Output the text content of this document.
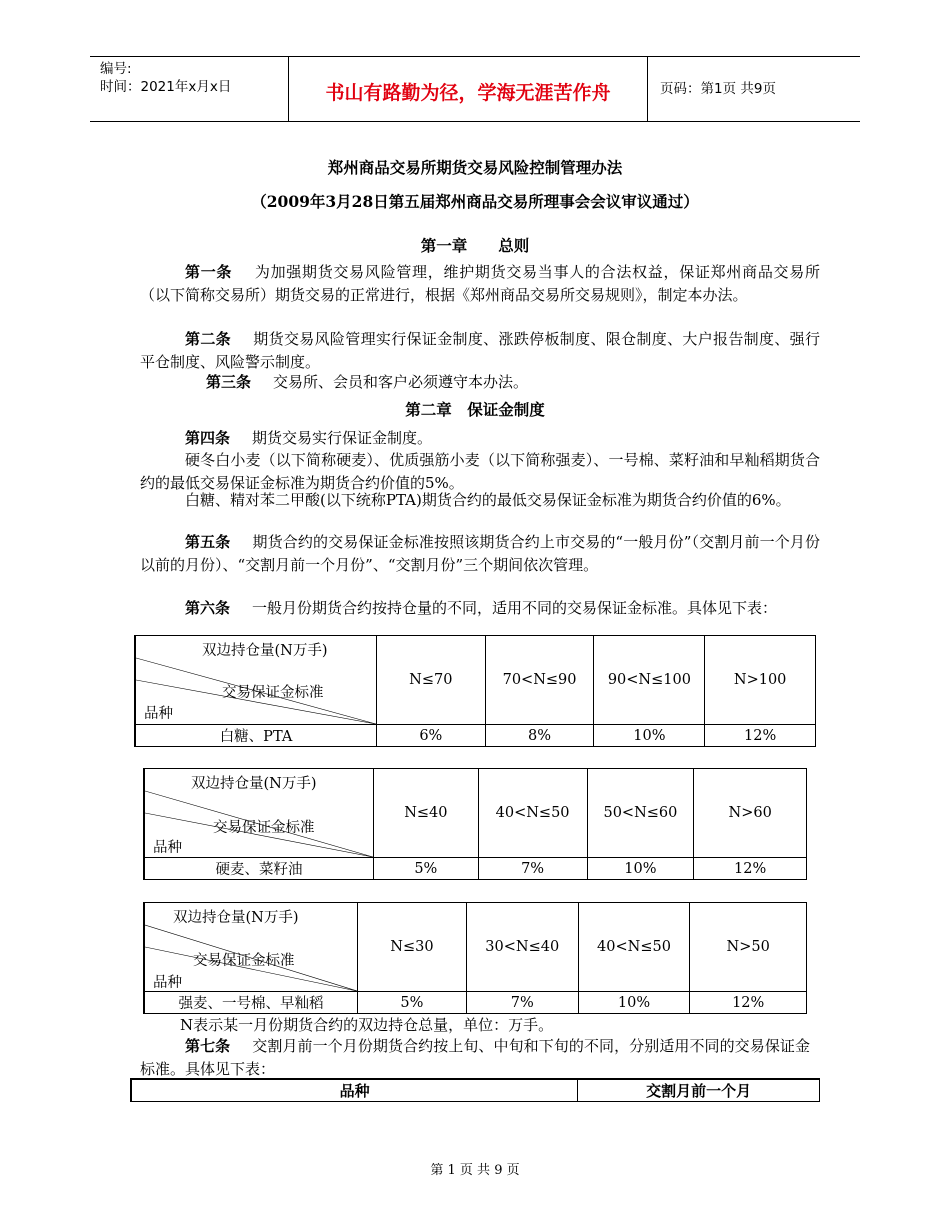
编号:
时间：2021年x月x日	书山有路勤为径，学海无涯苦作舟	页码：第1页 共9页
郑州商品交易所期货交易风险控制管理办法
（2009年3月28日第五届郑州商品交易所理事会会议审议通过）
第一章　　总则
第一条 为加强期货交易风险管理，维护期货交易当事人的合法权益，保证郑州商品交易所（以下简称交易所）期货交易的正常进行，根据《郑州商品交易所交易规则》，制定本办法。
第二条 期货交易风险管理实行保证金制度、涨跌停板制度、限仓制度、大户报告制度、强行平仓制度、风险警示制度。
第三条 交易所、会员和客户必须遵守本办法。
第二章　保证金制度
第四条 期货交易实行保证金制度。
硬冬白小麦（以下简称硬麦）、优质强筋小麦（以下简称强麦）、一号棉、菜籽油和早籼稻期货合约的最低交易保证金标准为期货合约价值的5%。
白糖、精对苯二甲酸(以下统称PTA)期货合约的最低交易保证金标准为期货合约价值的6%。
第五条 期货合约的交易保证金标准按照该期货合约上市交易的“一般月份”（交割月前一个月份以前的月份）、“交割月前一个月份”、“交割月份”三个期间依次管理。
第六条 一般月份期货合约按持仓量的不同，适用不同的交易保证金标准。具体见下表：
双边持仓量(N万手)
交易保证金标准
品种	N≤70	70<N≤90	90<N≤100	N>100
白糖、PTA	6%	8%	10%	12%
双边持仓量(N万手)
交易保证金标准
品种	N≤40	40<N≤50	50<N≤60	N>60
硬麦、菜籽油	5%	7%	10%	12%
双边持仓量(N万手)
交易保证金标准
品种	N≤30	30<N≤40	40<N≤50	N>50
强麦、一号棉、早籼稻	5%	7%	10%	12%
N表示某一月份期货合约的双边持仓总量，单位：万手。
第七条 交割月前一个月份期货合约按上旬、中旬和下旬的不同，分别适用不同的交易保证金标准。具体见下表：
品种	交割月前一个月
第 1 页 共 9 页
